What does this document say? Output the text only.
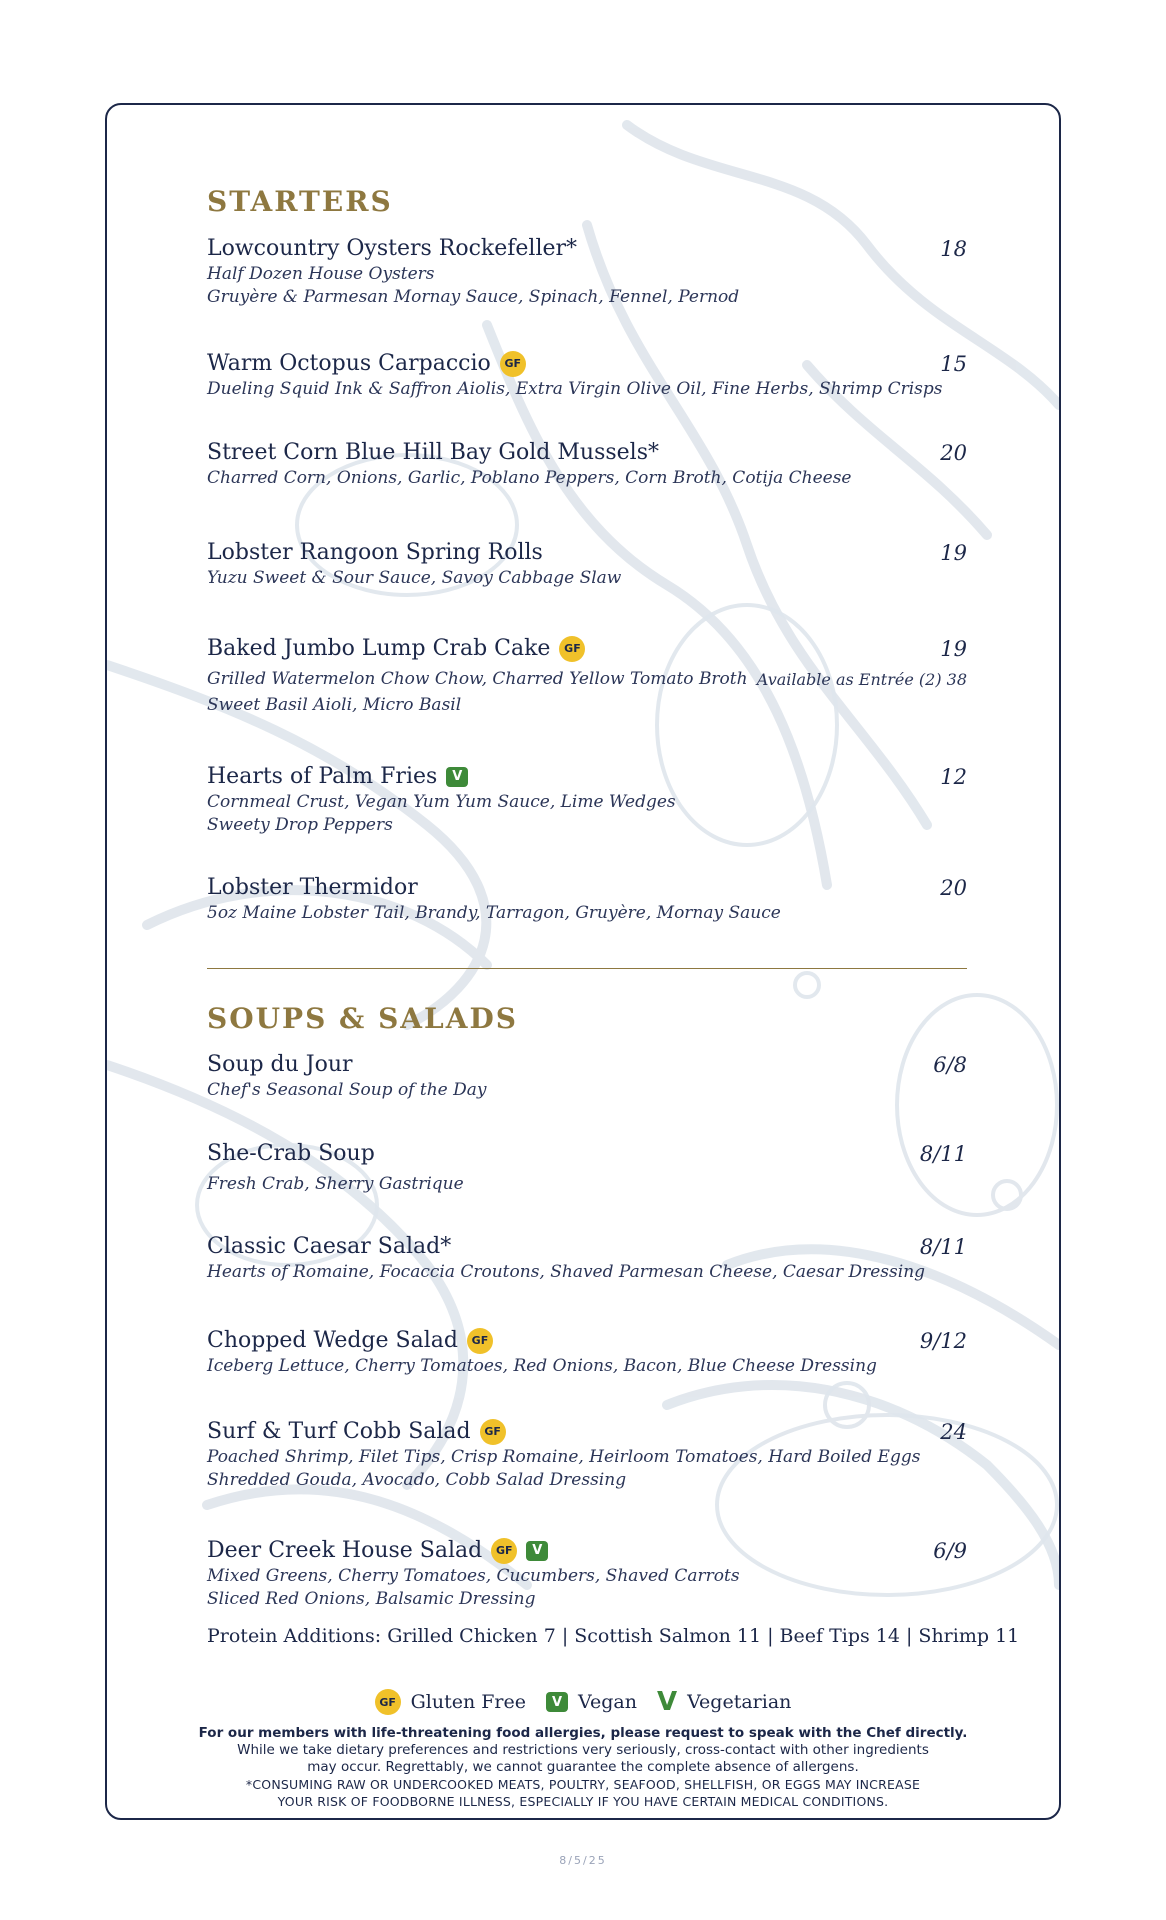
STARTERS
Lowcountry Oysters Rockefeller*	18
Half Dozen House Oysters
Gruyère & Parmesan Mornay Sauce, Spinach, Fennel, Pernod
Warm Octopus Carpaccio	GF	15
Dueling Squid Ink & Saffron Aiolis, Extra Virgin Olive Oil, Fine Herbs, Shrimp Crisps
Street Corn Blue Hill Bay Gold Mussels*	20
Charred Corn, Onions, Garlic, Poblano Peppers, Corn Broth, Cotija Cheese
Lobster Rangoon Spring Rolls	19
Yuzu Sweet & Sour Sauce, Savoy Cabbage Slaw
Baked Jumbo Lump Crab Cake	GF	19
Grilled Watermelon Chow Chow, Charred Yellow Tomato Broth Available as Entrée (2) 38
Sweet Basil Aioli, Micro Basil
Hearts of Palm Fries	V	12
Cornmeal Crust, Vegan Yum Yum Sauce, Lime Wedges
Sweety Drop Peppers
Lobster Thermidor	20
5oz Maine Lobster Tail, Brandy, Tarragon, Gruyère, Mornay Sauce
SOUPS & SALADS
Soup du Jour	6/8
Chef's Seasonal Soup of the Day
She-Crab Soup	8/11
Fresh Crab, Sherry Gastrique
Classic Caesar Salad*	8/11
Hearts of Romaine, Focaccia Croutons, Shaved Parmesan Cheese, Caesar Dressing
Chopped Wedge Salad	GF	9/12
Iceberg Lettuce, Cherry Tomatoes, Red Onions, Bacon, Blue Cheese Dressing
Surf & Turf Cobb Salad	GF	24
Poached Shrimp, Filet Tips, Crisp Romaine, Heirloom Tomatoes, Hard Boiled Eggs
Shredded Gouda, Avocado, Cobb Salad Dressing
Deer Creek House Salad	GF	V	6/9
Mixed Greens, Cherry Tomatoes, Cucumbers, Shaved Carrots
Sliced Red Onions, Balsamic Dressing
Protein Additions: Grilled Chicken 7 | Scottish Salmon 11 | Beef Tips 14 | Shrimp 11
GF Gluten Free	V Vegan V Vegetarian
For our members with life-threatening food allergies, please request to speak with the Chef directly.
While we take dietary preferences and restrictions very seriously, cross-contact with other ingredients
may occur. Regrettably, we cannot guarantee the complete absence of allergens.
*CONSUMING RAW OR UNDERCOOKED MEATS, POULTRY, SEAFOOD, SHELLFISH, OR EGGS MAY INCREASE
YOUR RISK OF FOODBORNE ILLNESS, ESPECIALLY IF YOU HAVE CERTAIN MEDICAL CONDITIONS.
8/5/25
